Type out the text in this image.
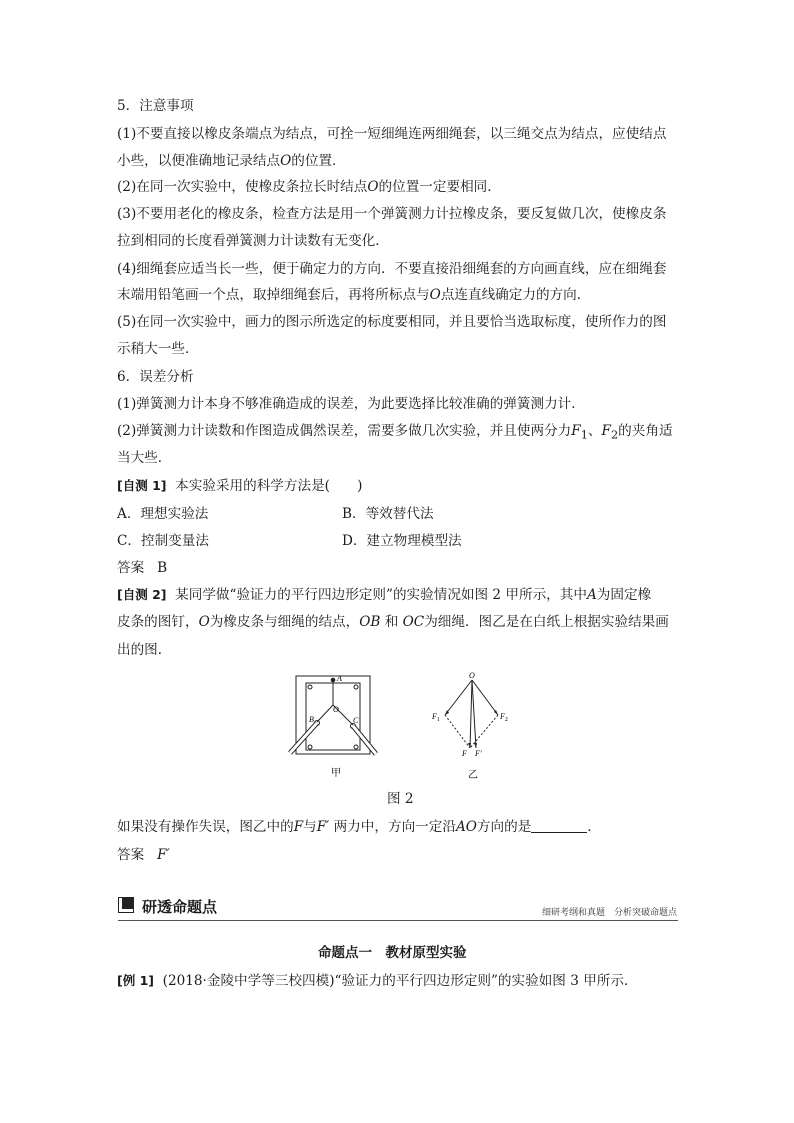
5．注意事项
(1)不要直接以橡皮条端点为结点，可拴一短细绳连两细绳套，以三绳交点为结点，应使结点
小些，以便准确地记录结点O的位置．
(2)在同一次实验中，使橡皮条拉长时结点O的位置一定要相同．
(3)不要用老化的橡皮条，检查方法是用一个弹簧测力计拉橡皮条，要反复做几次，使橡皮条
拉到相同的长度看弹簧测力计读数有无变化．
(4)细绳套应适当长一些，便于确定力的方向．不要直接沿细绳套的方向画直线，应在细绳套
末端用铅笔画一个点，取掉细绳套后，再将所标点与O点连直线确定力的方向．
(5)在同一次实验中，画力的图示所选定的标度要相同，并且要恰当选取标度，使所作力的图
示稍大一些．
6．误差分析
(1)弹簧测力计本身不够准确造成的误差，为此要选择比较准确的弹簧测力计．
(2)弹簧测力计读数和作图造成偶然误差，需要多做几次实验，并且使两分力$F_1$、$F_2$的夹角适
当大些．
[自测 1] 本实验采用的科学方法是(　　)
A．理想实验法	B．等效替代法
C．控制变量法	D．建立物理模型法
答案 B
[自测 2] 某同学做“验证力的平行四边形定则”的实验情况如图 2 甲所示，其中A为固定橡
皮条的图钉，O为橡皮条与细绳的结点，OB 和 OC为细绳．图乙是在白纸上根据实验结果画
出的图．
A
B
O
C
O
$F_1$	$F_2$
F F′
甲	乙
图 2
如果没有操作失误，图乙中的F与F′ 两力中，方向一定沿AO方向的是	．
答案 F′
研透命题点	细研考纲和真题　分析突破命题点
命题点一　教材原型实验
[例 1] (2018·金陵中学等三校四模)“验证力的平行四边形定则”的实验如图 3 甲所示．
